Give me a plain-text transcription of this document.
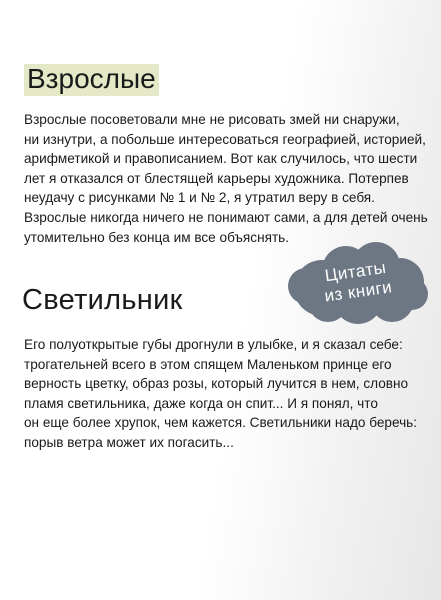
Взрослые

Взрослые посоветовали мне не рисовать змей ни снаружи,
ни изнутри, а побольше интересоваться географией, историей,
арифметикой и правописанием. Вот как случилось, что шести
лет я отказался от блестящей карьеры художника. Потерпев
неудачу с рисунками № 1 и № 2, я утратил веру в себя.
Взрослые никогда ничего не понимают сами, а для детей очень
утомительно без конца им все объяснять.

Цитаты
из книги
Светильник

Его полуоткрытые губы дрогнули в улыбке, и я сказал себе:
трогательней всего в этом спящем Маленьком принце его
верность цветку, образ розы, который лучится в нем, словно
пламя светильника, даже когда он спит... И я понял, что
он еще более хрупок, чем кажется. Светильники надо беречь:
порыв ветра может их погасить...
